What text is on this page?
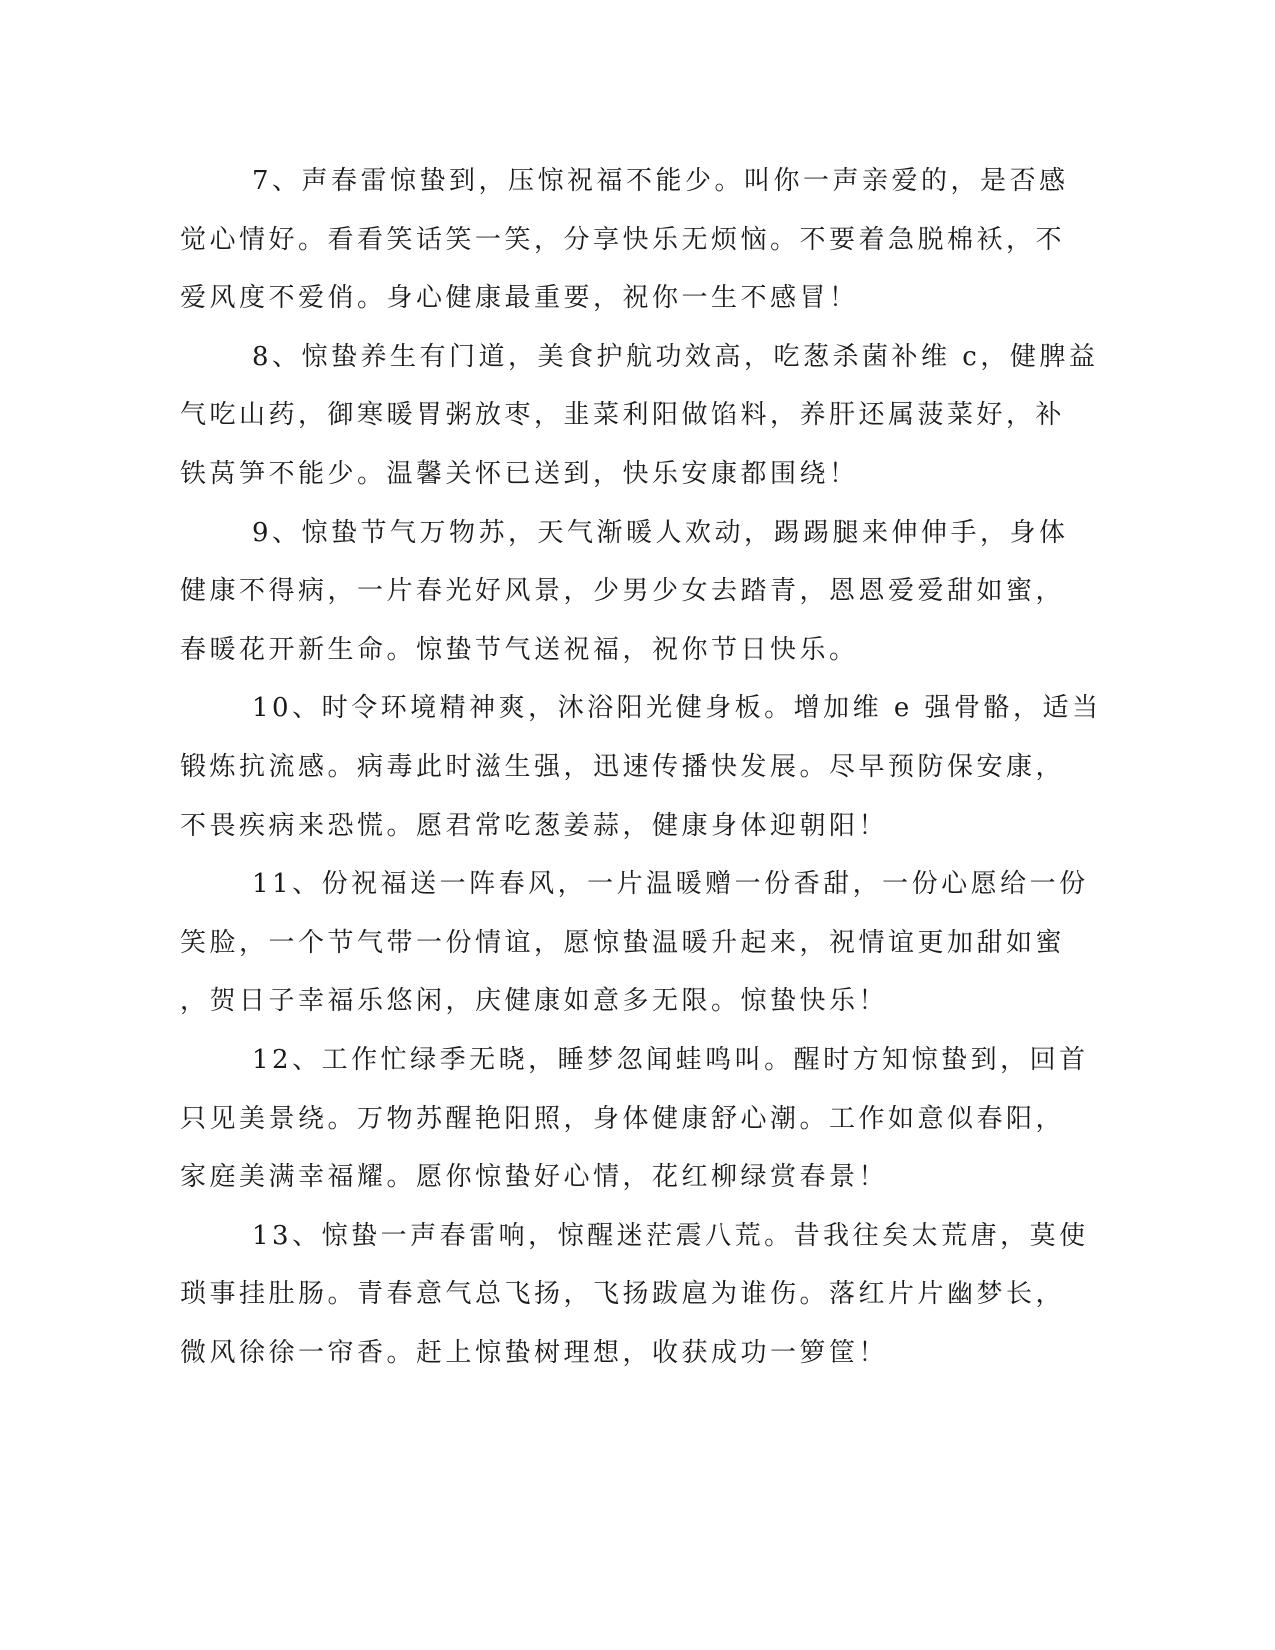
7、声春雷惊蛰到，压惊祝福不能少。叫你一声亲爱的，是否感
觉心情好。看看笑话笑一笑，分享快乐无烦恼。不要着急脱棉袄，不
爱风度不爱俏。身心健康最重要，祝你一生不感冒！
8、惊蛰养生有门道，美食护航功效高，吃葱杀菌补维 c，健脾益
气吃山药，御寒暖胃粥放枣，韭菜利阳做馅料，养肝还属菠菜好，补
铁莴笋不能少。温馨关怀已送到，快乐安康都围绕！
9、惊蛰节气万物苏，天气渐暖人欢动，踢踢腿来伸伸手，身体
健康不得病，一片春光好风景，少男少女去踏青，恩恩爱爱甜如蜜，
春暖花开新生命。惊蛰节气送祝福，祝你节日快乐。
10、时令环境精神爽，沐浴阳光健身板。增加维 e 强骨骼，适当
锻炼抗流感。病毒此时滋生强，迅速传播快发展。尽早预防保安康，
不畏疾病来恐慌。愿君常吃葱姜蒜，健康身体迎朝阳！
11、份祝福送一阵春风，一片温暖赠一份香甜，一份心愿给一份
笑脸，一个节气带一份情谊，愿惊蛰温暖升起来，祝情谊更加甜如蜜
，贺日子幸福乐悠闲，庆健康如意多无限。惊蛰快乐！
12、工作忙绿季无晓，睡梦忽闻蛙鸣叫。醒时方知惊蛰到，回首
只见美景绕。万物苏醒艳阳照，身体健康舒心潮。工作如意似春阳，
家庭美满幸福耀。愿你惊蛰好心情，花红柳绿赏春景！
13、惊蛰一声春雷响，惊醒迷茫震八荒。昔我往矣太荒唐，莫使
琐事挂肚肠。青春意气总飞扬，飞扬跋扈为谁伤。落红片片幽梦长，
微风徐徐一帘香。赶上惊蛰树理想，收获成功一箩筐！
